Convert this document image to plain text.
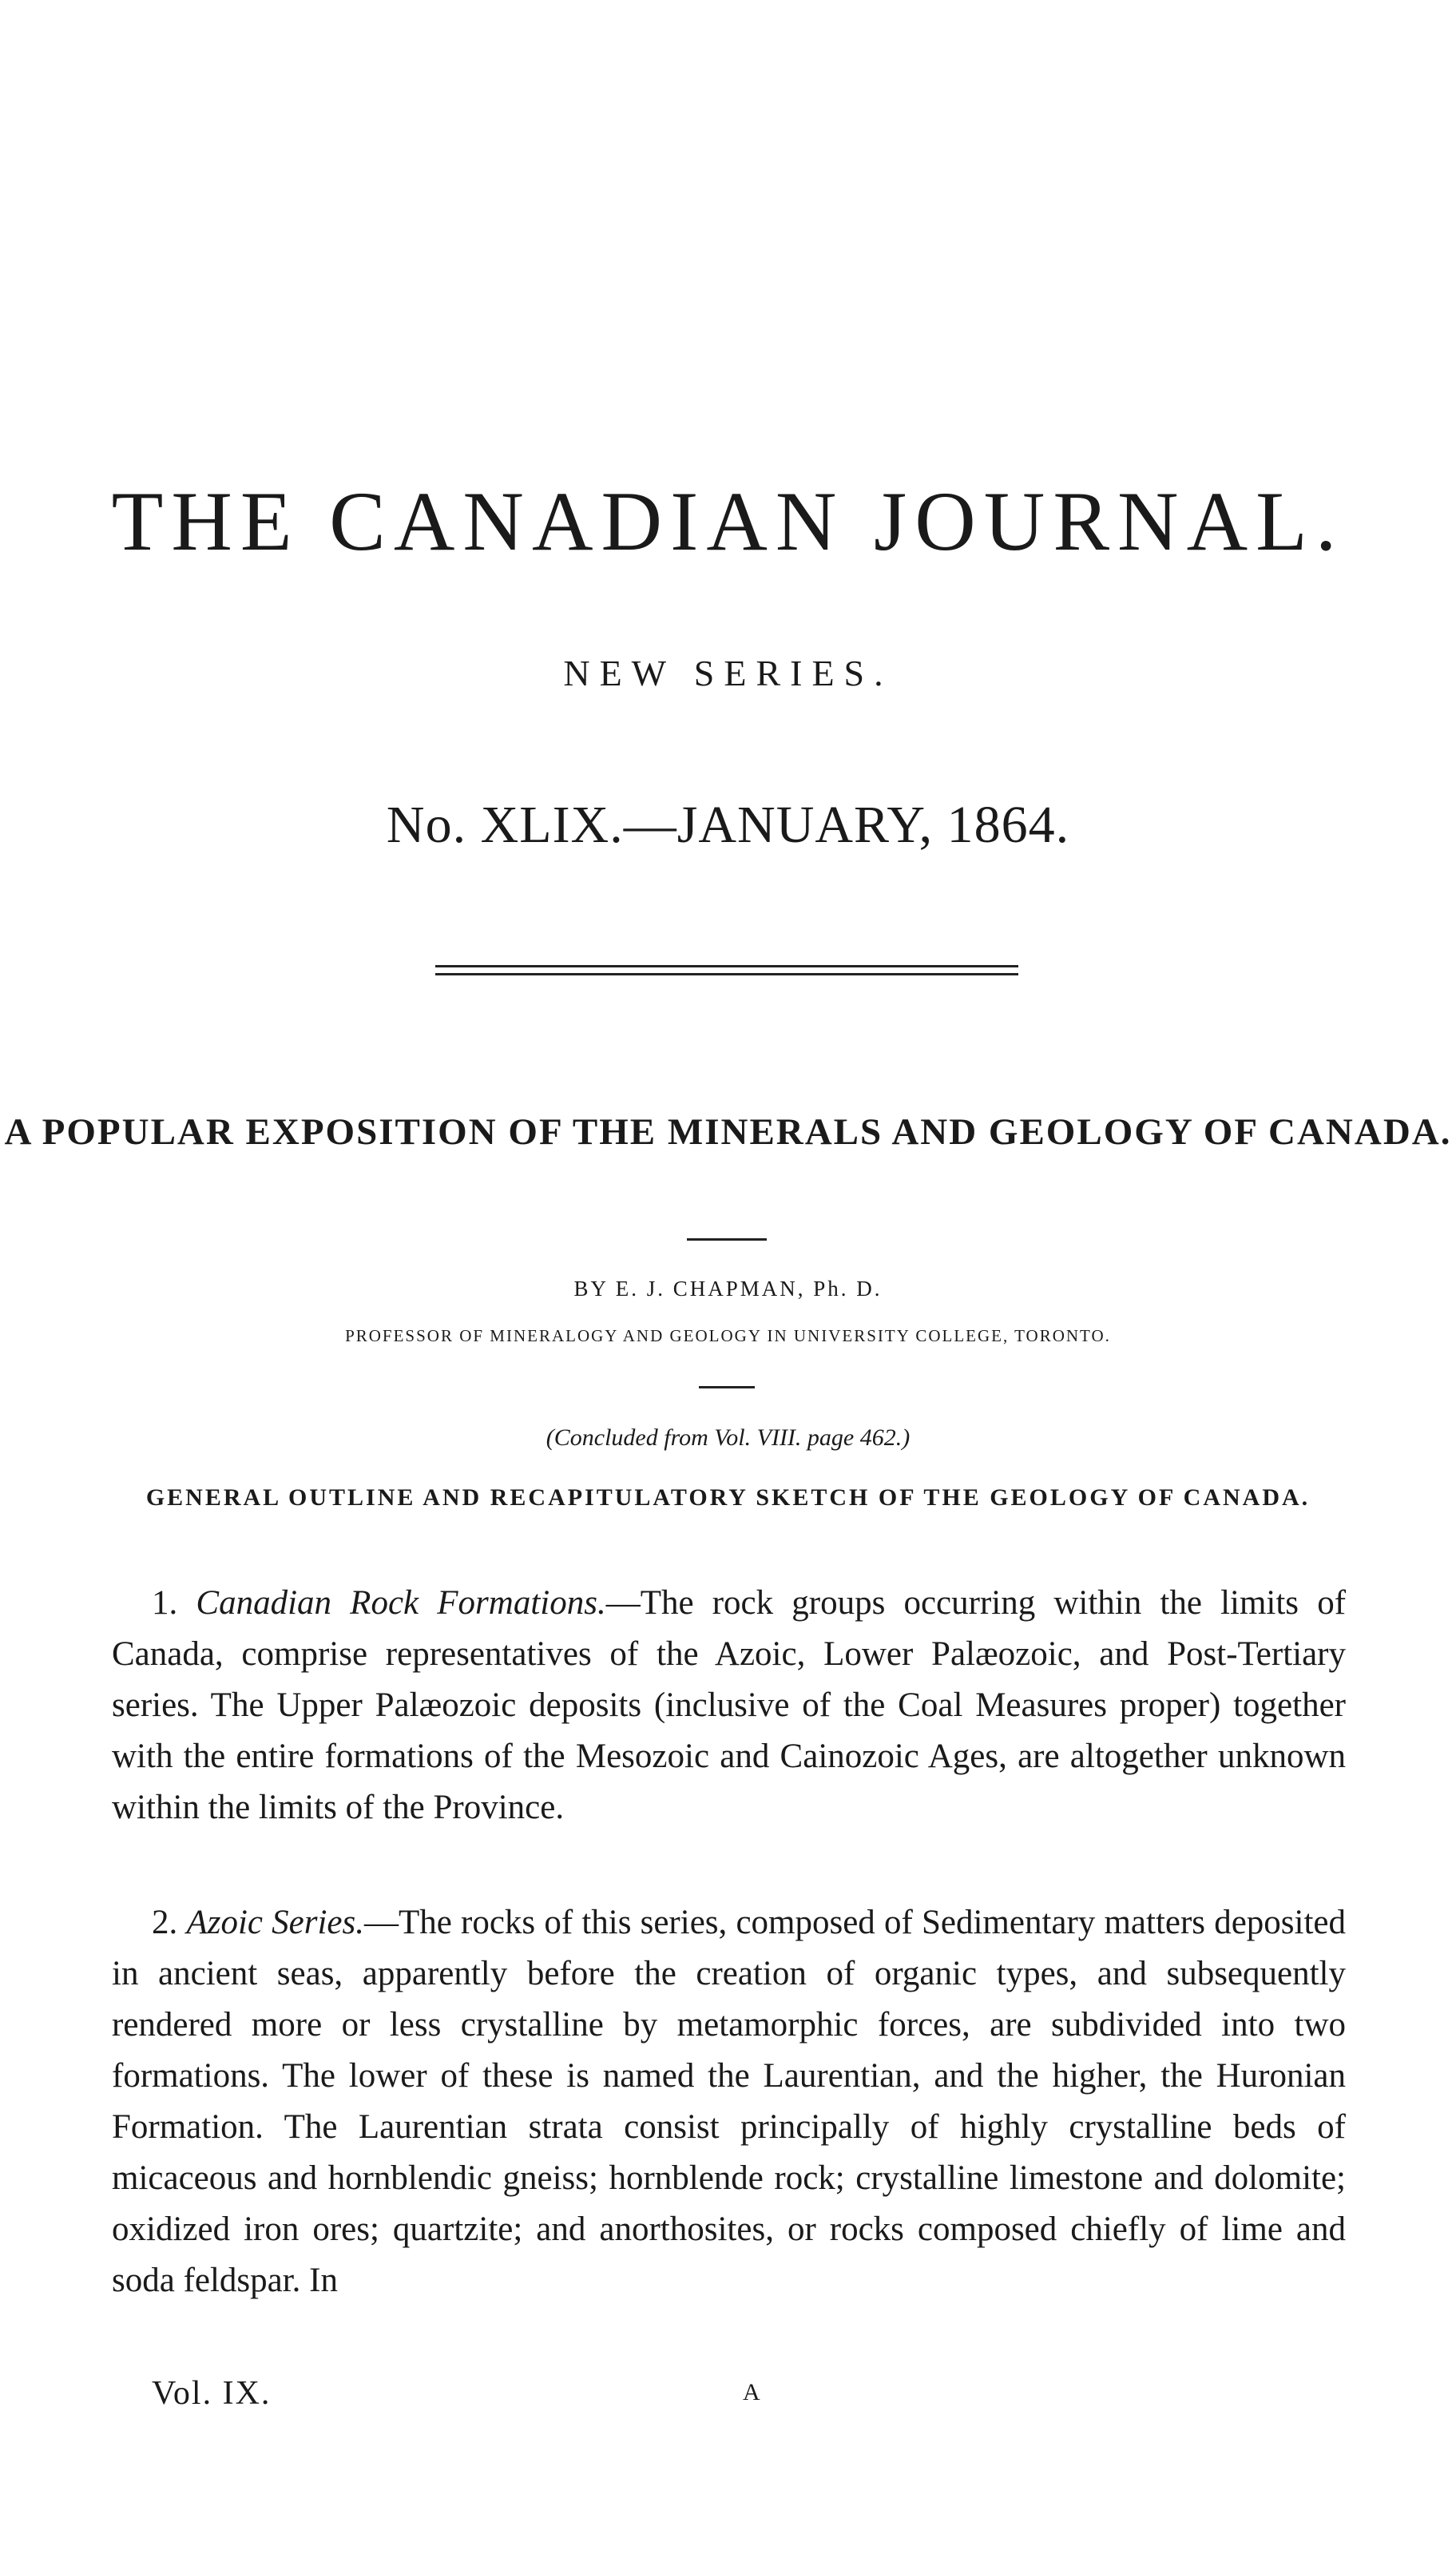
THE CANADIAN JOURNAL.
NEW SERIES.
No. XLIX.—JANUARY, 1864.
A POPULAR EXPOSITION OF THE MINERALS AND GEOLOGY OF CANADA.
BY E. J. CHAPMAN, Ph. D.
PROFESSOR OF MINERALOGY AND GEOLOGY IN UNIVERSITY COLLEGE, TORONTO.
(Concluded from Vol. VIII. page 462.)
GENERAL OUTLINE AND RECAPITULATORY SKETCH OF THE GEOLOGY OF CANADA.

1. Canadian Rock Formations.—The rock groups occurring within the limits of Canada, comprise representatives of the Azoic, Lower Palæozoic, and Post-Tertiary series. The Upper Palæozoic deposits (inclusive of the Coal Measures proper) together with the entire formations of the Mesozoic and Cainozoic Ages, are altogether unknown within the limits of the Province.

2. Azoic Series.—The rocks of this series, composed of Sedimentary matters deposited in ancient seas, apparently before the creation of organic types, and subsequently rendered more or less crystalline by metamorphic forces, are subdivided into two formations. The lower of these is named the Laurentian, and the higher, the Huronian Formation. The Laurentian strata consist principally of highly crystalline beds of micaceous and hornblendic gneiss; hornblende rock; crystalline limestone and dolomite; oxidized iron ores; quartzite; and anorthosites, or rocks composed chiefly of lime and soda feldspar. In

Vol. IX.	A
